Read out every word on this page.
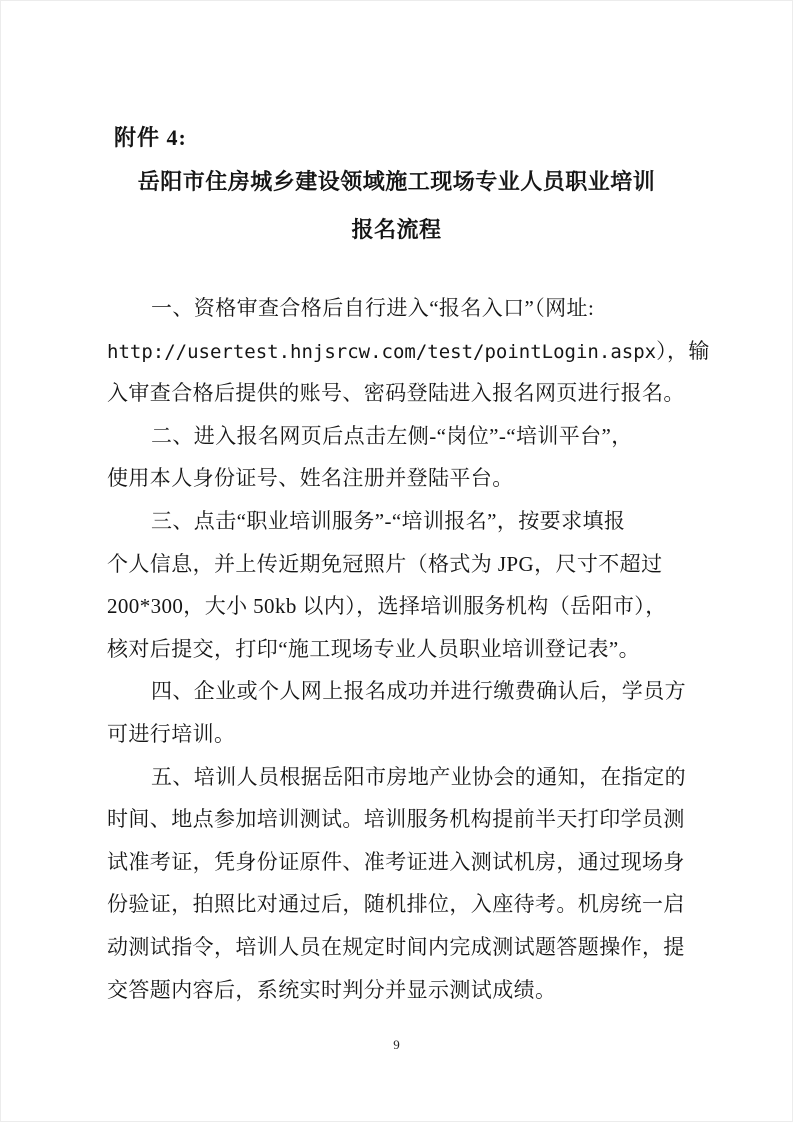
附件 4:
岳阳市住房城乡建设领域施工现场专业人员职业培训
报名流程
一、资格审查合格后自行进入“报名入口”（网址:
http://usertest.hnjsrcw.com/test/pointLogin.aspx），输
入审查合格后提供的账号、密码登陆进入报名网页进行报名。
二、进入报名网页后点击左侧-“岗位”-“培训平台”，
使用本人身份证号、姓名注册并登陆平台。
三、点击“职业培训服务”-“培训报名”，按要求填报
个人信息，并上传近期免冠照片（格式为 JPG，尺寸不超过
200*300，大小 50kb 以内），选择培训服务机构（岳阳市），
核对后提交，打印“施工现场专业人员职业培训登记表”。
四、企业或个人网上报名成功并进行缴费确认后，学员方
可进行培训。
五、培训人员根据岳阳市房地产业协会的通知，在指定的
时间、地点参加培训测试。培训服务机构提前半天打印学员测
试准考证，凭身份证原件、准考证进入测试机房，通过现场身
份验证，拍照比对通过后，随机排位，入座待考。机房统一启
动测试指令，培训人员在规定时间内完成测试题答题操作，提
交答题内容后，系统实时判分并显示测试成绩。
9
